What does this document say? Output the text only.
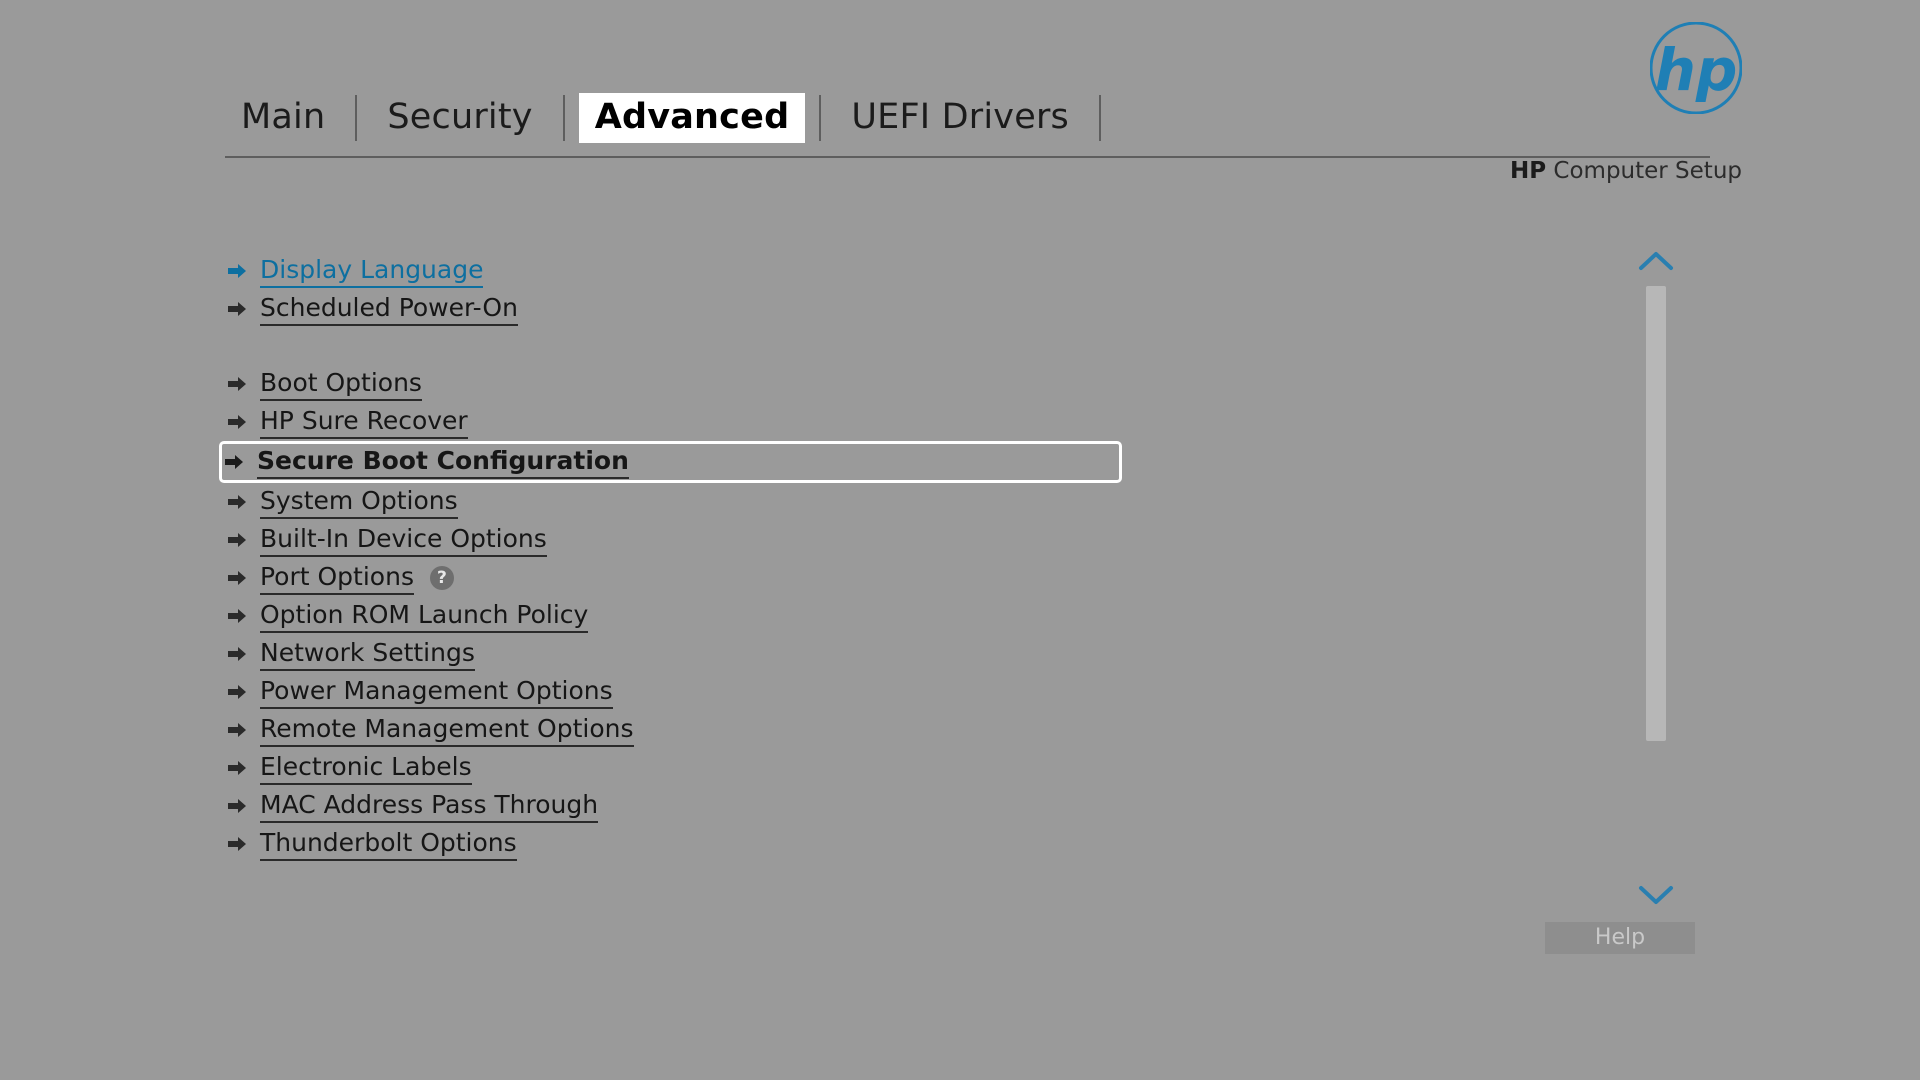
hp
Main	Security	Advanced	UEFI Drivers
HP Computer Setup
Display Language
Scheduled Power-On
Boot Options
HP Sure Recover
Secure Boot Configuration
System Options
Built-In Device Options
Port Options	?
Option ROM Launch Policy
Network Settings
Power Management Options
Remote Management Options
Electronic Labels
MAC Address Pass Through
Thunderbolt Options
Help
